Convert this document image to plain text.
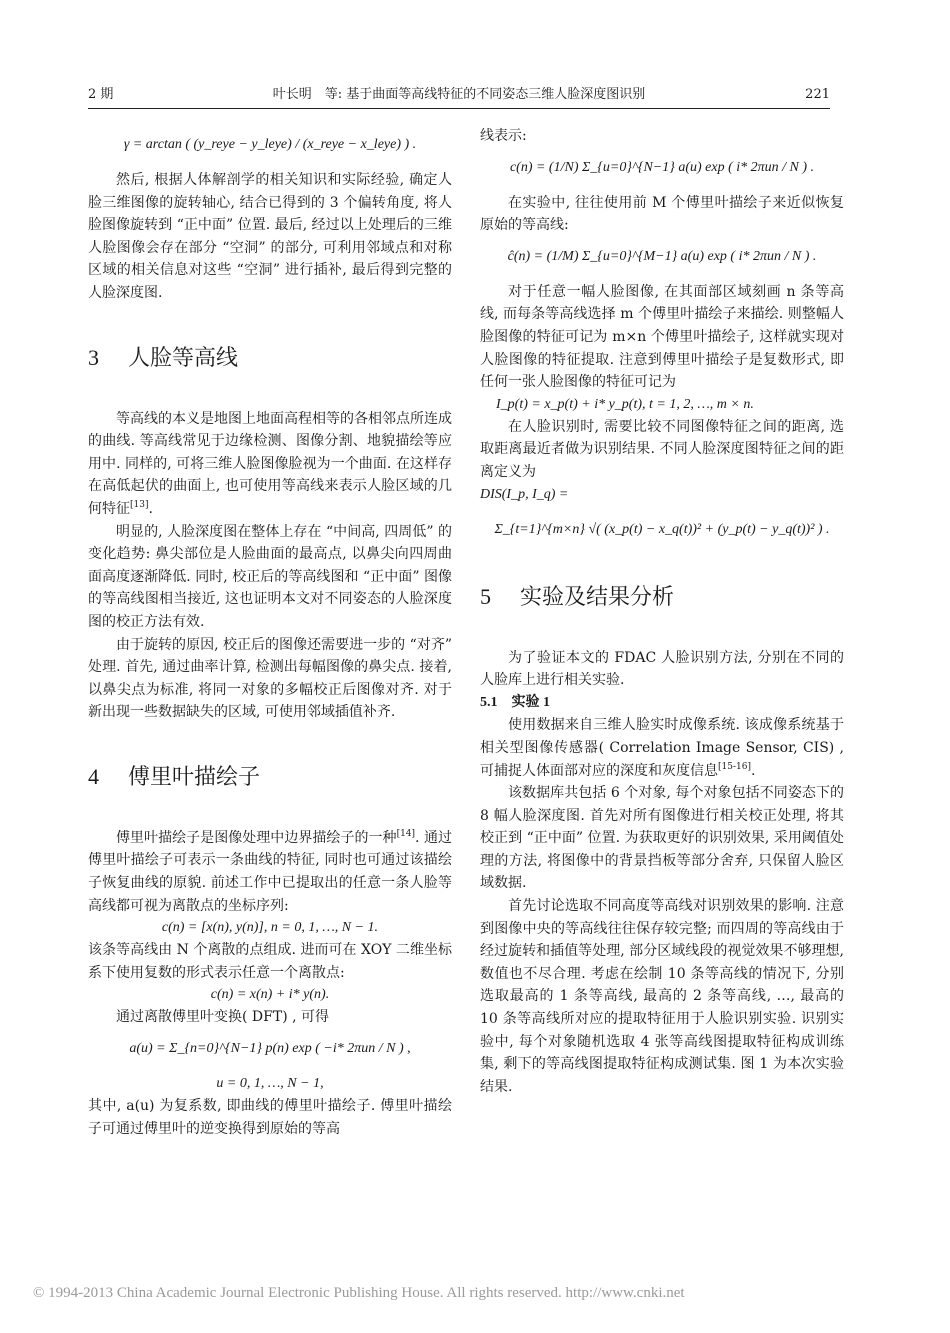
2 期	叶长明　等: 基于曲面等高线特征的不同姿态三维人脸深度图识别	221
γ = arctan ( (y_reye − y_leye) / (x_reye − x_leye) ) .

然后, 根据人体解剖学的相关知识和实际经验, 确定人脸三维图像的旋转轴心, 结合已得到的 3 个偏转角度, 将人脸图像旋转到 “正中面” 位置. 最后, 经过以上处理后的三维人脸图像会存在部分 “空洞” 的部分, 可利用邻域点和对称区域的相关信息对这些 “空洞” 进行插补, 最后得到完整的人脸深度图.

3 人脸等高线

等高线的本义是地图上地面高程相等的各相邻点所连成的曲线. 等高线常见于边缘检测、图像分割、地貌描绘等应用中. 同样的, 可将三维人脸图像脸视为一个曲面. 在这样存在高低起伏的曲面上, 也可使用等高线来表示人脸区域的几何特征[13].

明显的, 人脸深度图在整体上存在 “中间高, 四周低” 的变化趋势: 鼻尖部位是人脸曲面的最高点, 以鼻尖向四周曲面高度逐渐降低. 同时, 校正后的等高线图和 “正中面” 图像的等高线图相当接近, 这也证明本文对不同姿态的人脸深度图的校正方法有效.

由于旋转的原因, 校正后的图像还需要进一步的 “对齐” 处理. 首先, 通过曲率计算, 检测出每幅图像的鼻尖点. 接着, 以鼻尖点为标准, 将同一对象的多幅校正后图像对齐. 对于新出现一些数据缺失的区域, 可使用邻域插值补齐.

4 傅里叶描绘子

傅里叶描绘子是图像处理中边界描绘子的一种[14]. 通过傅里叶描绘子可表示一条曲线的特征, 同时也可通过该描绘子恢复曲线的原貌. 前述工作中已提取出的任意一条人脸等高线都可视为离散点的坐标序列:

c(n) = [x(n), y(n)], n = 0, 1, …, N − 1.

该条等高线由 N 个离散的点组成. 进而可在 XOY 二维坐标系下使用复数的形式表示任意一个离散点:

c(n) = x(n) + i* y(n).

通过离散傅里叶变换( DFT) , 可得

a(u) = Σ_{n=0}^{N−1} p(n) exp ( −i* 2πun / N ) ,
u = 0, 1, …, N − 1,

其中, a(u) 为复系数, 即曲线的傅里叶描绘子. 傅里叶描绘子可通过傅里叶的逆变换得到原始的等高

线表示:

c(n) = (1/N) Σ_{u=0}^{N−1} a(u) exp ( i* 2πun / N ) .

在实验中, 往往使用前 M 个傅里叶描绘子来近似恢复原始的等高线:

ĉ(n) = (1/M) Σ_{u=0}^{M−1} a(u) exp ( i* 2πun / N ) .

对于任意一幅人脸图像, 在其面部区域刻画 n 条等高线, 而每条等高线选择 m 个傅里叶描绘子来描绘. 则整幅人脸图像的特征可记为 m×n 个傅里叶描绘子, 这样就实现对人脸图像的特征提取. 注意到傅里叶描绘子是复数形式, 即任何一张人脸图像的特征可记为

I_p(t) = x_p(t) + i* y_p(t), t = 1, 2, …, m × n.

在人脸识别时, 需要比较不同图像特征之间的距离, 选取距离最近者做为识别结果. 不同人脸深度图特征之间的距离定义为

DIS(I_p, I_q) =
Σ_{t=1}^{m×n} √( (x_p(t) − x_q(t))² + (y_p(t) − y_q(t))² ) .
5 实验及结果分析

为了验证本文的 FDAC 人脸识别方法, 分别在不同的人脸库上进行相关实验.

5.1 实验 1

使用数据来自三维人脸实时成像系统. 该成像系统基于相关型图像传感器( Correlation Image Sensor, CIS) , 可捕捉人体面部对应的深度和灰度信息[15-16].

该数据库共包括 6 个对象, 每个对象包括不同姿态下的 8 幅人脸深度图. 首先对所有图像进行相关校正处理, 将其校正到 “正中面” 位置. 为获取更好的识别效果, 采用阈值处理的方法, 将图像中的背景挡板等部分舍弃, 只保留人脸区域数据.

首先讨论选取不同高度等高线对识别效果的影响. 注意到图像中央的等高线往往保存较完整; 而四周的等高线由于经过旋转和插值等处理, 部分区域线段的视觉效果不够理想, 数值也不尽合理. 考虑在绘制 10 条等高线的情况下, 分别选取最高的 1 条等高线, 最高的 2 条等高线, …, 最高的 10 条等高线所对应的提取特征用于人脸识别实验. 识别实验中, 每个对象随机选取 4 张等高线图提取特征构成训练集, 剩下的等高线图提取特征构成测试集. 图 1 为本次实验结果.

© 1994-2013 China Academic Journal Electronic Publishing House. All rights reserved. http://www.cnki.net
